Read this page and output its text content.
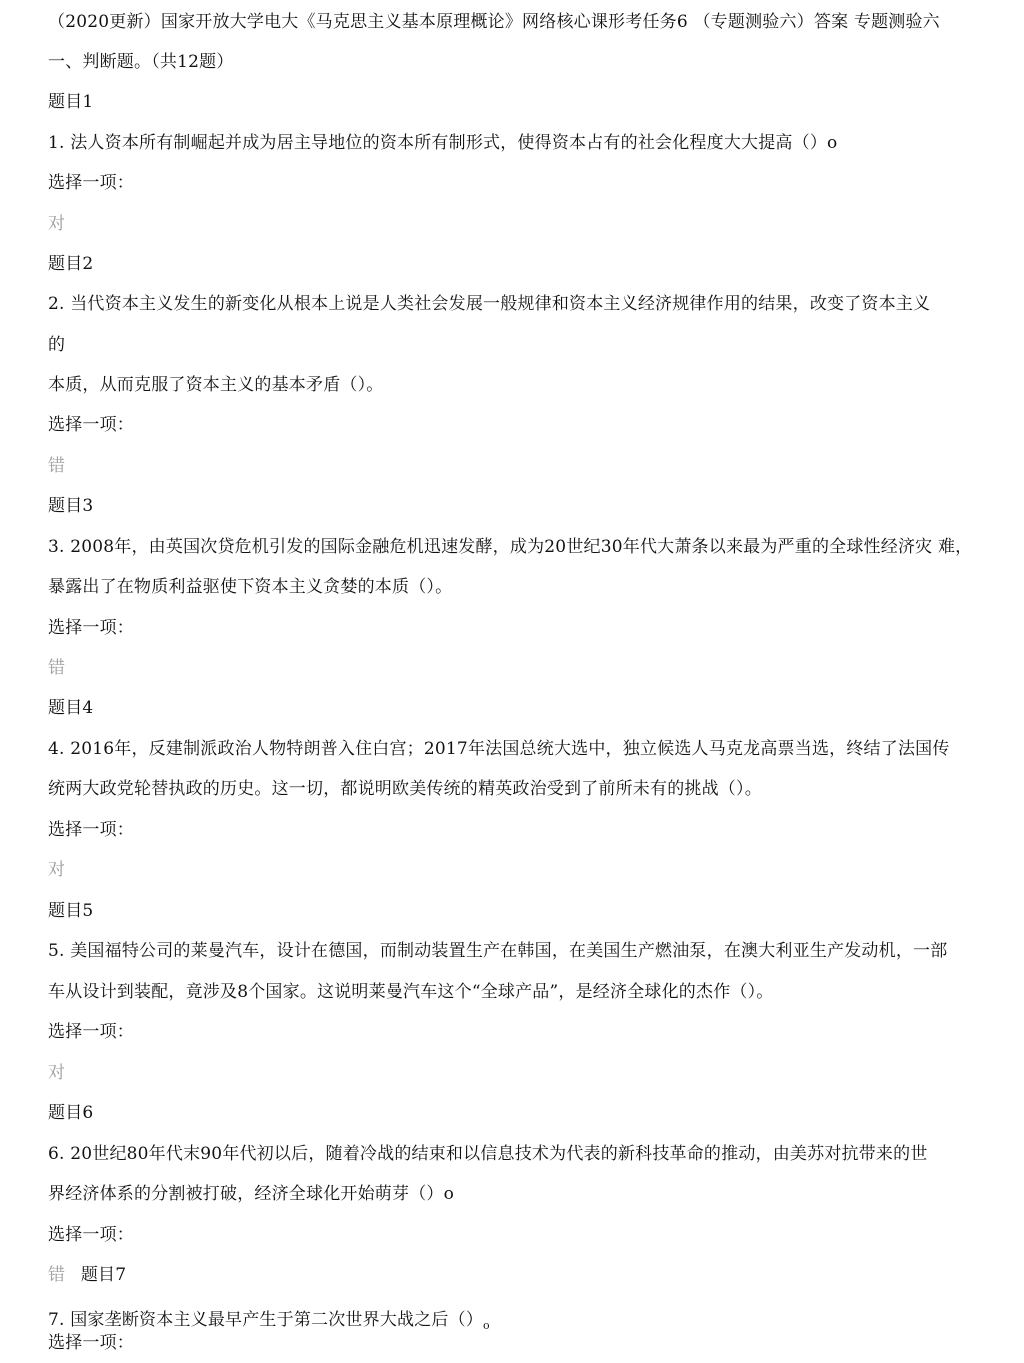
（2020更新）国家开放大学电大《马克思主义基本原理概论》网络核心课形考任务6 （专题测验六）答案 专题测验六
一、判断题。（共12题）
题目1
1. 法人资本所有制崛起并成为居主导地位的资本所有制形式，使得资本占有的社会化程度大大提高（）o
选择一项：
对
题目2
2. 当代资本主义发生的新变化从根本上说是人类社会发展一般规律和资本主义经济规律作用的结果，改变了资本主义
的
本质，从而克服了资本主义的基本矛盾（）。
选择一项：
错
题目3
3. 2008年，由英国次贷危机引发的国际金融危机迅速发酵，成为20世纪30年代大萧条以来最为严重的全球性经济灾 难，
暴露出了在物质利益驱使下资本主义贪婪的本质（）。
选择一项：
错
题目4
4. 2016年，反建制派政治人物特朗普入住白宫；2017年法国总统大选中，独立候选人马克龙高票当选，终结了法国传
统两大政党轮替执政的历史。这一切，都说明欧美传统的精英政治受到了前所未有的挑战（）。
选择一项：
对
题目5
5. 美国福特公司的莱曼汽车，设计在德国，而制动装置生产在韩国，在美国生产燃油泵，在澳大利亚生产发动机，一部
车从设计到装配，竟涉及8个国家。这说明莱曼汽车这个“全球产品”，是经济全球化的杰作（）。
选择一项：
对
题目6
6. 20世纪80年代末90年代初以后，随着冷战的结束和以信息技术为代表的新科技革命的推动，由美苏对抗带来的世
界经济体系的分割被打破，经济全球化开始萌芽（）o
选择一项：
错 题目7
7. 国家垄断资本主义最早产生于第二次世界大战之后$()_o$
选择一项：
